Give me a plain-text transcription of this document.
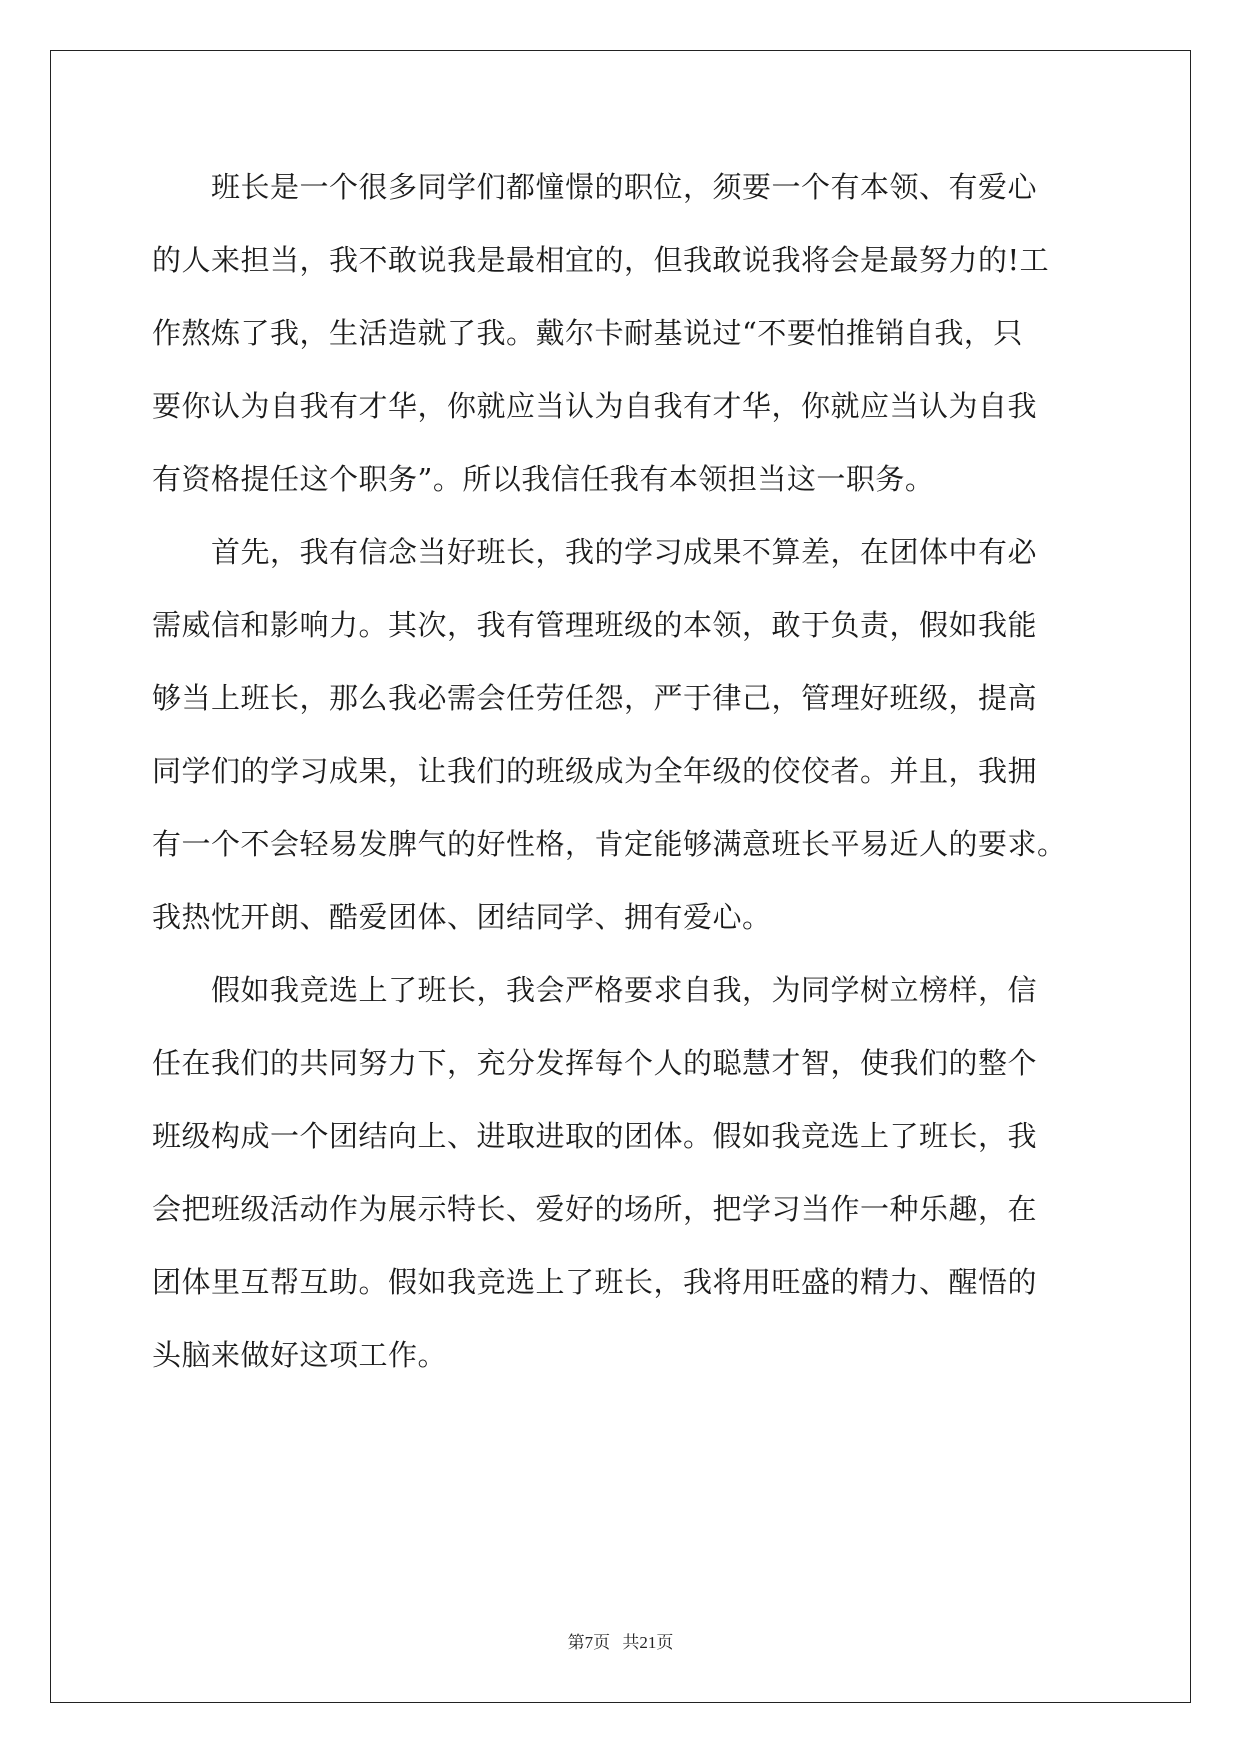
　　班长是一个很多同学们都憧憬的职位，须要一个有本领、有爱心
的人来担当，我不敢说我是最相宜的，但我敢说我将会是最努力的!工
作熬炼了我，生活造就了我。戴尔卡耐基说过“不要怕推销自我，只
要你认为自我有才华，你就应当认为自我有才华，你就应当认为自我
有资格提任这个职务”。所以我信任我有本领担当这一职务。
　　首先，我有信念当好班长，我的学习成果不算差，在团体中有必
需威信和影响力。其次，我有管理班级的本领，敢于负责，假如我能
够当上班长，那么我必需会任劳任怨，严于律己，管理好班级，提高
同学们的学习成果，让我们的班级成为全年级的佼佼者。并且，我拥
有一个不会轻易发脾气的好性格，肯定能够满意班长平易近人的要求。
我热忱开朗、酷爱团体、团结同学、拥有爱心。
　　假如我竞选上了班长，我会严格要求自我，为同学树立榜样，信
任在我们的共同努力下，充分发挥每个人的聪慧才智，使我们的整个
班级构成一个团结向上、进取进取的团体。假如我竞选上了班长，我
会把班级活动作为展示特长、爱好的场所，把学习当作一种乐趣，在
团体里互帮互助。假如我竞选上了班长，我将用旺盛的精力、醒悟的
头脑来做好这项工作。
第7页 共21页
